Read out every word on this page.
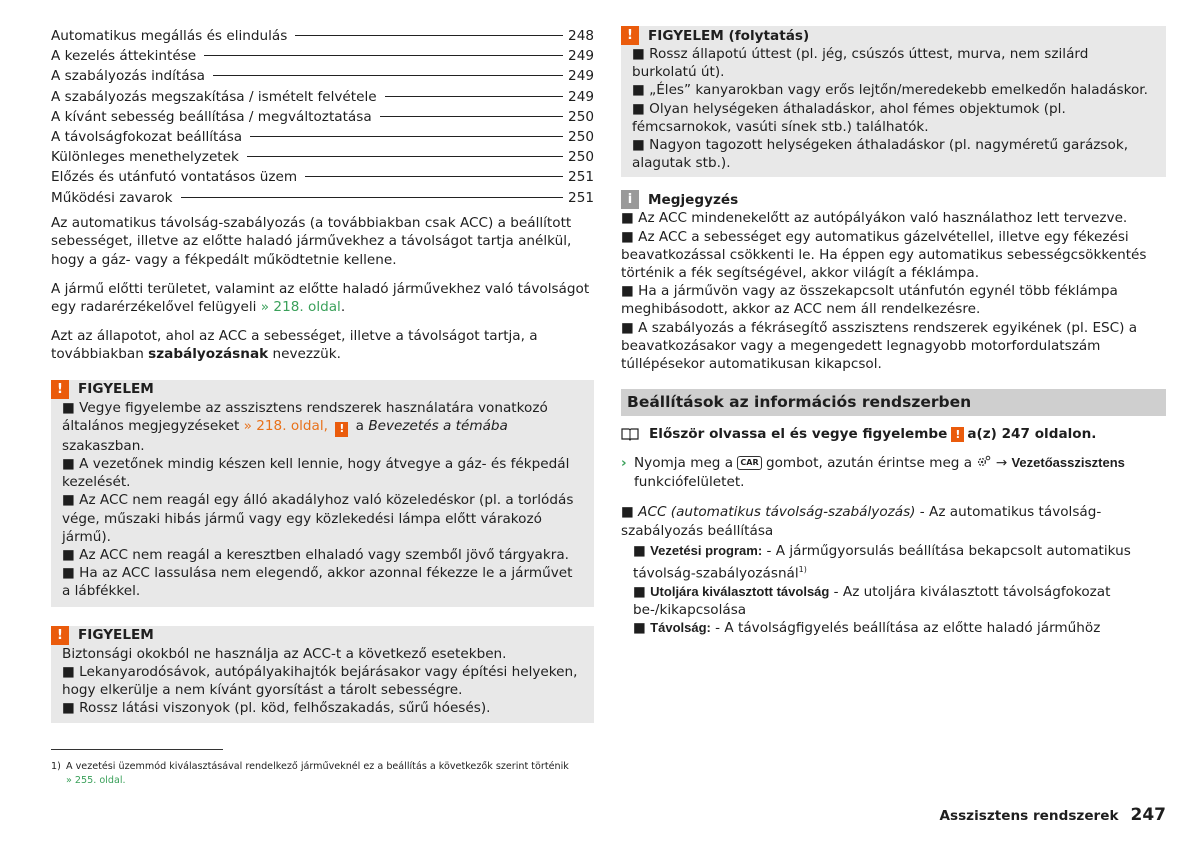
Automatikus megállás és elindulás	248
A kezelés áttekintése	249
A szabályozás indítása	249
A szabályozás megszakítása / ismételt felvétele	249
A kívánt sebesség beállítása / megváltoztatása	250
A távolságfokozat beállítása	250
Különleges menethelyzetek	250
Előzés és utánfutó vontatásos üzem	251
Működési zavarok	251

Az automatikus távolság-szabályozás (a továbbiakban csak ACC) a beállított sebességet, illetve az előtte haladó járművekhez a távolságot tartja anélkül, hogy a gáz- vagy a fékpedált működtetnie kellene.

A jármű előtti területet, valamint az előtte haladó járművekhez való távolságot egy radarérzékelővel felügyeli » 218. oldal.

Azt az állapotot, ahol az ACC a sebességet, illetve a távolságot tartja, a továbbiakban szabályozásnak nevezzük.

!	FIGYELEM
■ Vegye figyelembe az asszisztens rendszerek használatára vonatkozó általános megjegyzéseket » 218. oldal, ! a Bevezetés a témába szakaszban.
■ A vezetőnek mindig készen kell lennie, hogy átvegye a gáz- és fékpedál kezelését.
■ Az ACC nem reagál egy álló akadályhoz való közeledéskor (pl. a torlódás vége, műszaki hibás jármű vagy egy közlekedési lámpa előtt várakozó jármű).
■ Az ACC nem reagál a keresztben elhaladó vagy szemből jövő tárgyakra.
■ Ha az ACC lassulása nem elegendő, akkor azonnal fékezze le a járművet a lábfékkel.
!	FIGYELEM
Biztonsági okokból ne használja az ACC-t a következő esetekben.
■ Lekanyarodósávok, autópályakihajtók bejárásakor vagy építési helyeken, hogy elkerülje a nem kívánt gyorsítást a tárolt sebességre.
■ Rossz látási viszonyok (pl. köd, felhőszakadás, sűrű hóesés).
!	FIGYELEM (folytatás)
■ Rossz állapotú úttest (pl. jég, csúszós úttest, murva, nem szilárd burkolatú út).
■ „Éles” kanyarokban vagy erős lejtőn/meredekebb emelkedőn haladáskor.
■ Olyan helységeken áthaladáskor, ahol fémes objektumok (pl. fémcsarnokok, vasúti sínek stb.) találhatók.
■ Nagyon tagozott helységeken áthaladáskor (pl. nagyméretű garázsok, alagutak stb.).
i	Megjegyzés
■ Az ACC mindenekelőtt az autópályákon való használathoz lett tervezve.
■ Az ACC a sebességet egy automatikus gázelvétellel, illetve egy fékezési beavatkozással csökkenti le. Ha éppen egy automatikus sebességcsökkentés történik a fék segítségével, akkor világít a féklámpa.
■ Ha a járművön vagy az összekapcsolt utánfutón egynél több féklámpa meghibásodott, akkor az ACC nem áll rendelkezésre.
■ A szabályozás a fékrásegítő asszisztens rendszerek egyikének (pl. ESC) a beavatkozásakor vagy a megengedett legnagyobb motorfordulatszám túllépésekor automatikusan kikapcsol.
Beállítások az információs rendszerben
Először olvassa el és vegye figyelembe ! a(z) 247 oldalon.
› Nyomja meg a CAR gombot, azután érintse meg a  → Vezetőasszisztens funkciófelületet.
■ ACC (automatikus távolság-szabályozás) - Az automatikus távolság-szabályozás beállítása
■ Vezetési program: - A járműgyorsulás beállítása bekapcsolt automatikus távolság-szabályozásnál$^{1)}$
■ Utoljára kiválasztott távolság - Az utoljára kiválasztott távolságfokozat be-/kikapcsolása
■ Távolság: - A távolságfigyelés beállítása az előtte haladó járműhöz
1) A vezetési üzemmód kiválasztásával rendelkező járműveknél ez a beállítás a következők szerint történik
» 255. oldal.
Asszisztens rendszerek 247
